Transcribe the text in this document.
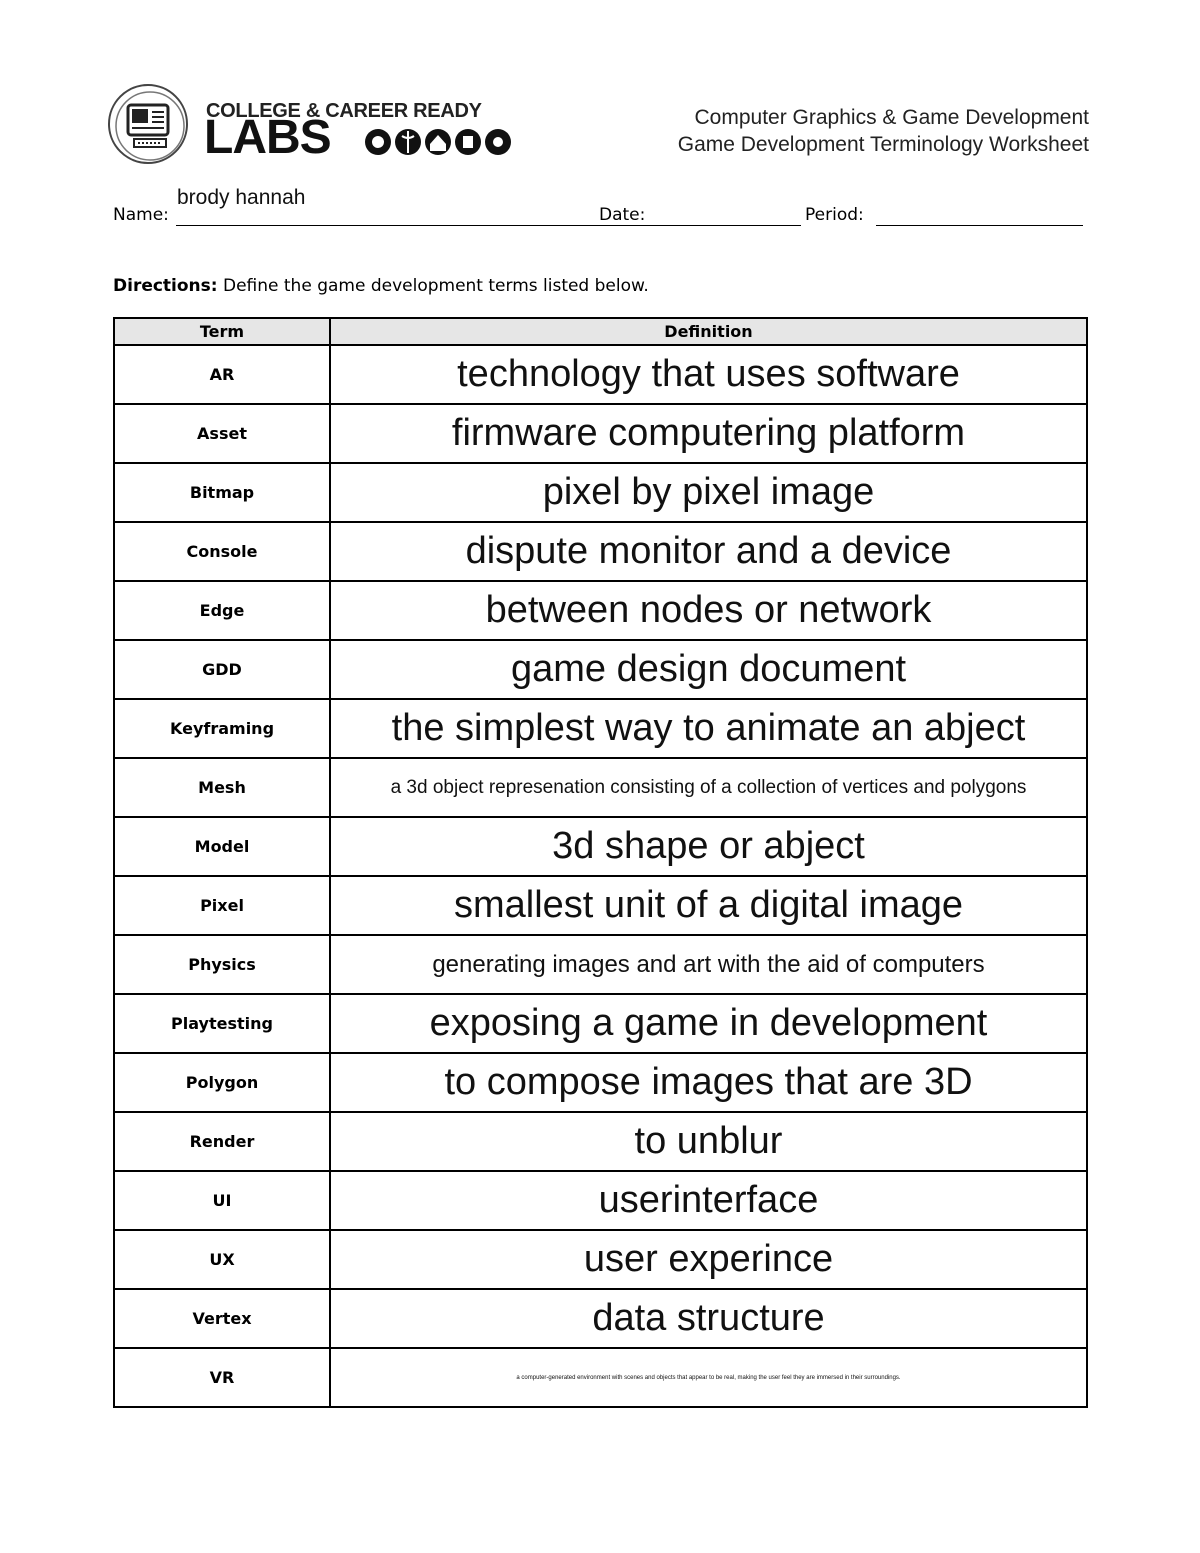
COLLEGE & CAREER READY
LABS	Computer Graphics & Game Development
Game Development Terminology Worksheet
brody hannah
Name:	Date:	Period:
Directions: Define the game development terms listed below.
Term	Definition
AR	technology that uses software
Asset	firmware computering platform
Bitmap	pixel by pixel image
Console	dispute monitor and a device
Edge	between nodes or network
GDD	game design document
Keyframing	the simplest way to animate an abject
Mesh	a 3d object represenation consisting of a collection of vertices and polygons
Model	3d shape or abject
Pixel	smallest unit of a digital image
Physics	generating images and art with the aid of computers
Playtesting	exposing a game in development
Polygon	to compose images that are 3D
Render	to unblur
UI	userinterface
UX	user experince
Vertex	data structure
VR	a computer-generated environment with scenes and objects that appear to be real, making the user feel they are immersed in their surroundings.
